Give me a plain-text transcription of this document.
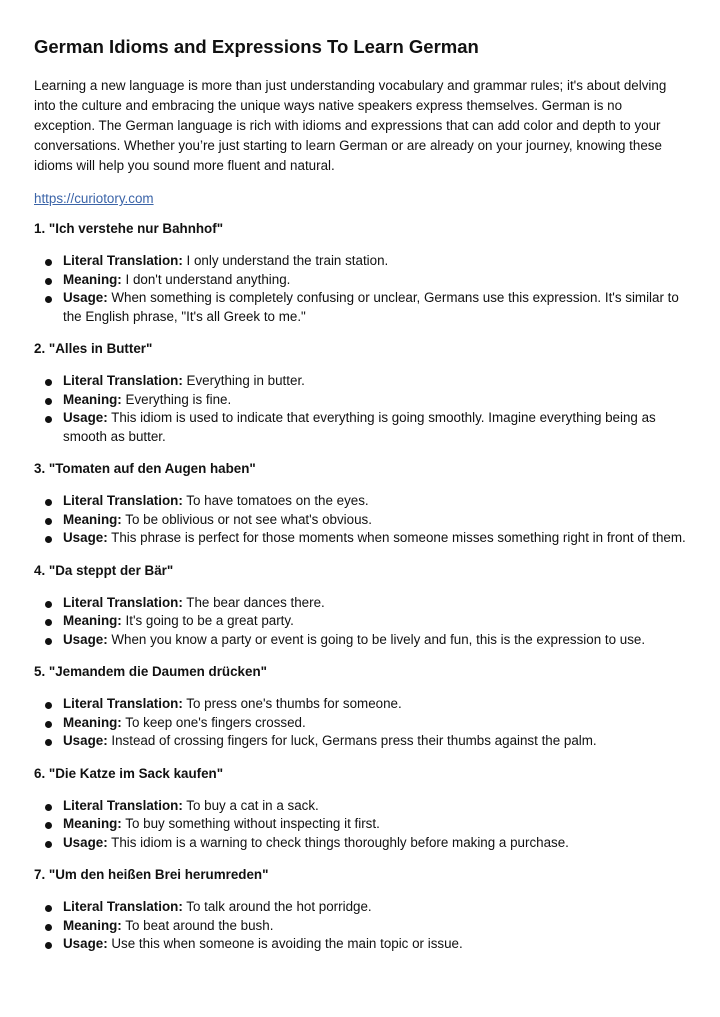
German Idioms and Expressions To Learn German

Learning a new language is more than just understanding vocabulary and grammar rules; it's about delving into the culture and embracing the unique ways native speakers express themselves. German is no exception. The German language is rich with idioms and expressions that can add color and depth to your conversations. Whether you’re just starting to learn German or are already on your journey, knowing these idioms will help you sound more fluent and natural.

https://curiotory.com
1. "Ich verstehe nur Bahnhof"
Literal Translation: I only understand the train station.
Meaning: I don't understand anything.
Usage: When something is completely confusing or unclear, Germans use this expression. It's similar to the English phrase, "It's all Greek to me."
2. "Alles in Butter"
Literal Translation: Everything in butter.
Meaning: Everything is fine.
Usage: This idiom is used to indicate that everything is going smoothly. Imagine everything being as smooth as butter.
3. "Tomaten auf den Augen haben"
Literal Translation: To have tomatoes on the eyes.
Meaning: To be oblivious or not see what's obvious.
Usage: This phrase is perfect for those moments when someone misses something right in front of them.
4. "Da steppt der Bär"
Literal Translation: The bear dances there.
Meaning: It's going to be a great party.
Usage: When you know a party or event is going to be lively and fun, this is the expression to use.
5. "Jemandem die Daumen drücken"
Literal Translation: To press one's thumbs for someone.
Meaning: To keep one's fingers crossed.
Usage: Instead of crossing fingers for luck, Germans press their thumbs against the palm.
6. "Die Katze im Sack kaufen"
Literal Translation: To buy a cat in a sack.
Meaning: To buy something without inspecting it first.
Usage: This idiom is a warning to check things thoroughly before making a purchase.
7. "Um den heißen Brei herumreden"
Literal Translation: To talk around the hot porridge.
Meaning: To beat around the bush.
Usage: Use this when someone is avoiding the main topic or issue.
